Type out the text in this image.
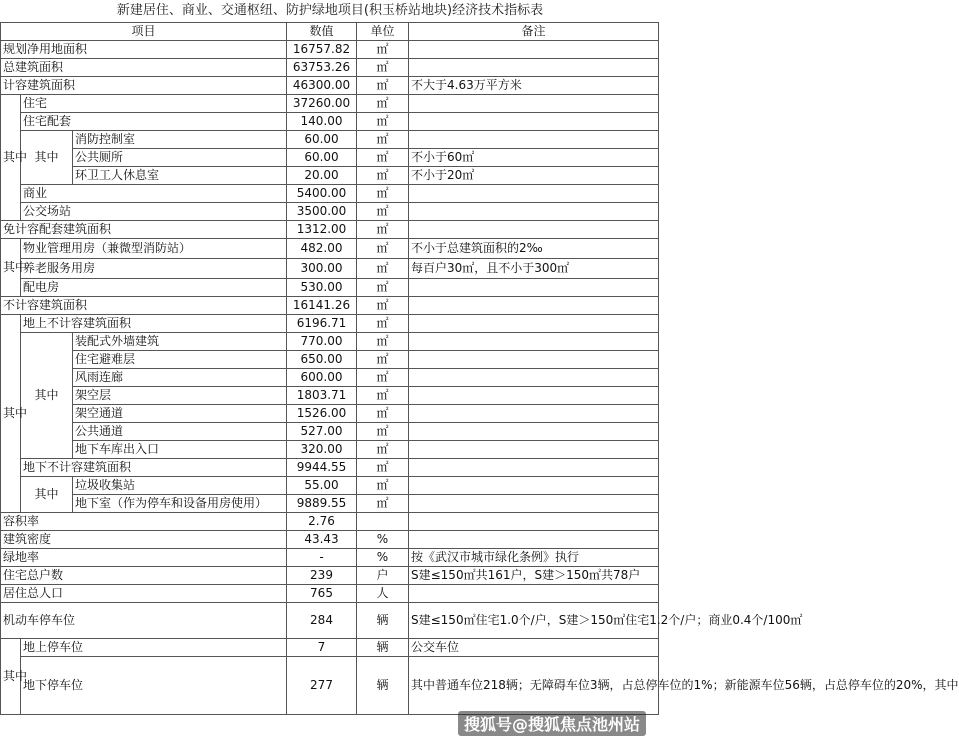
新建居住、商业、交通枢纽、防护绿地项目(积玉桥站地块)经济技术指标表
项目			数值	单位	备注
规划净用地面积			16757.82	㎡	
总建筑面积			63753.26	㎡	
计容建筑面积			46300.00	㎡	不大于4.63万平方米
其中	住宅		37260.00	㎡	
	住宅配套		140.00	㎡	
	其中	消防控制室	60.00	㎡	
		公共厕所	60.00	㎡	不小于60㎡
		环卫工人休息室	20.00	㎡	不小于20㎡
	商业		5400.00	㎡	
	公交场站		3500.00	㎡	
免计容配套建筑面积			1312.00	㎡	
其中	物业管理用房（兼微型消防站）		482.00	㎡	不小于总建筑面积的2‰
	养老服务用房		300.00	㎡	每百户30㎡，且不小于300㎡
	配电房		530.00	㎡	
不计容建筑面积			16141.26	㎡	
其中	地上不计容建筑面积		6196.71	㎡	
	其中	装配式外墙建筑	770.00	㎡	
		住宅避难层	650.00	㎡	
		风雨连廊	600.00	㎡	
		架空层	1803.71	㎡	
		架空通道	1526.00	㎡	
		公共通道	527.00	㎡	
		地下车库出入口	320.00	㎡	
	地下不计容建筑面积		9944.55	㎡	
	其中	垃圾收集站	55.00	㎡	
		地下室（作为停车和设备用房使用）	9889.55	㎡	
容积率			2.76		
建筑密度			43.43	%	
绿地率			-	%	按《武汉市城市绿化条例》执行
住宅总户数			239	户	S建≤150㎡共161户，S建＞150㎡共78户
居住总人口			765	人	
机动车停车位			284	辆	S建≤150㎡住宅1.0个/户，S建＞150㎡住宅1.2个/户；商业0.4个/100㎡
其中	地上停车位		7	辆	公交车位
	地下停车位		277	辆	其中普通车位218辆；无障碍车位3辆，占总停车位的1%；新能源车位56辆，占总停车位的20%，其中
搜狐号@搜狐焦点池州站
